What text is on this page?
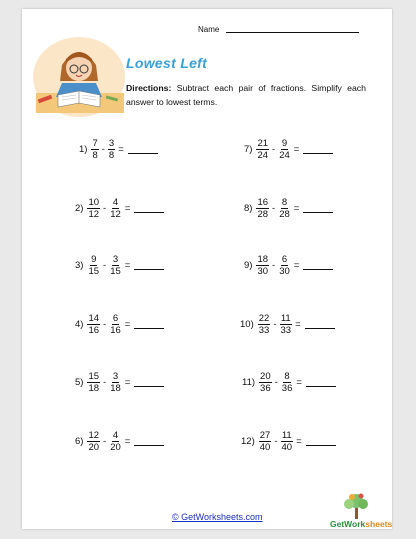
Name
Lowest Left
Directions: Subtract each pair of fractions. Simplify each answer to lowest terms.
$1) \frac{7}{8} - \frac{3}{8}$ =
$2) \frac{10}{12} - \frac{4}{12}$ =
$3) \frac{9}{15} - \frac{3}{15}$ =
$4) \frac{14}{16} - \frac{6}{16}$ =
$5) \frac{15}{18} - \frac{3}{18}$ =
$6) \frac{12}{20} - \frac{4}{20}$ =
$7) \frac{21}{24} - \frac{9}{24}$ =
$8) \frac{16}{28} - \frac{8}{28}$ =
$9) \frac{18}{30} - \frac{6}{30}$ =
$10) \frac{22}{33} - \frac{11}{33}$ =
$11) \frac{20}{36} - \frac{8}{36}$ =
$12) \frac{27}{40} - \frac{11}{40}$ =
© GetWorksheets.com
GetWorksheets
